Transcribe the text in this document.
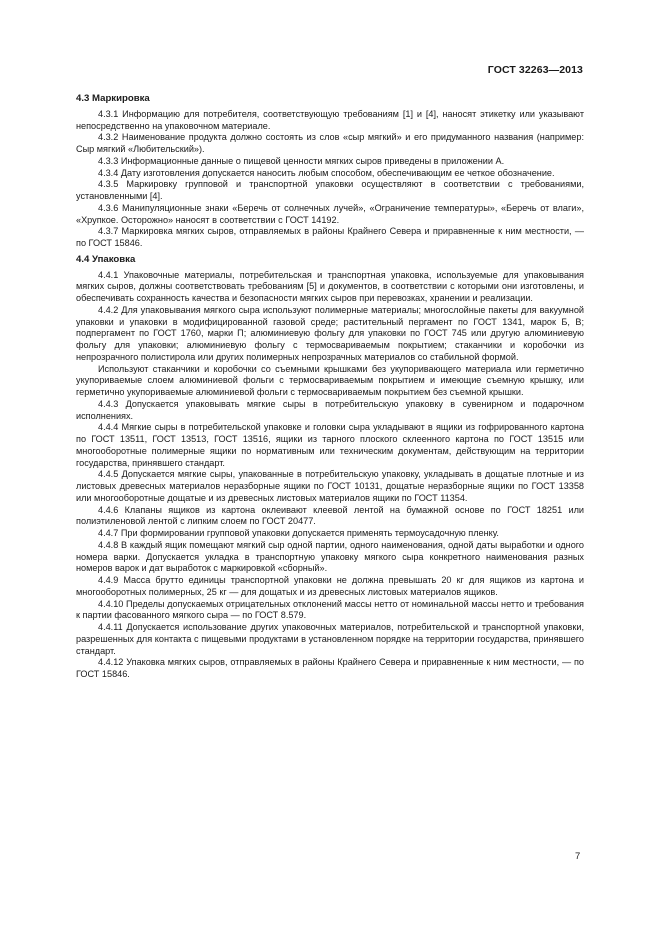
ГОСТ 32263—2013
4.3 Маркировка

4.3.1 Информацию для потребителя, соответствующую требованиям [1] и [4], наносят этикетку или указывают непосредственно на упаковочном материале.

4.3.2 Наименование продукта должно состоять из слов «сыр мягкий» и его придуманного названия (например: Сыр мягкий «Любительский»).

4.3.3 Информационные данные о пищевой ценности мягких сыров приведены в приложении А.

4.3.4 Дату изготовления допускается наносить любым способом, обеспечивающим ее четкое обозначение.

4.3.5 Маркировку групповой и транспортной упаковки осуществляют в соответствии с требованиями, установленными [4].

4.3.6 Манипуляционные знаки «Беречь от солнечных лучей», «Ограничение температуры», «Беречь от влаги», «Хрупкое. Осторожно» наносят в соответствии с ГОСТ 14192.

4.3.7 Маркировка мягких сыров, отправляемых в районы Крайнего Севера и приравненные к ним местности, — по ГОСТ 15846.

4.4 Упаковка

4.4.1 Упаковочные материалы, потребительская и транспортная упаковка, используемые для упаковывания мягких сыров, должны соответствовать требованиям [5] и документов, в соответствии с которыми они изготовлены, и обеспечивать сохранность качества и безопасности мягких сыров при перевозках, хранении и реализации.

4.4.2 Для упаковывания мягкого сыра используют полимерные материалы; многослойные пакеты для вакуумной упаковки и упаковки в модифицированной газовой среде; растительный пергамент по ГОСТ 1341, марок Б, В; подпергамент по ГОСТ 1760, марки П; алюминиевую фольгу для упаковки по ГОСТ 745 или другую алюминиевую фольгу для упаковки; алюминиевую фольгу с термосвариваемым покрытием; стаканчики и коробочки из непрозрачного полистирола или других полимерных непрозрачных материалов со стабильной формой.

Используют стаканчики и коробочки со съемными крышками без укупоривающего материала или герметично укупориваемые слоем алюминиевой фольги с термосвариваемым покрытием и имеющие съемную крышку, или герметично укупориваемые алюминиевой фольги с термосвариваемым покрытием без съемной крышки.

4.4.3 Допускается упаковывать мягкие сыры в потребительскую упаковку в сувенирном и подарочном исполнениях.

4.4.4 Мягкие сыры в потребительской упаковке и головки сыра укладывают в ящики из гофрированного картона по ГОСТ 13511, ГОСТ 13513, ГОСТ 13516, ящики из тарного плоского склеенного картона по ГОСТ 13515 или многооборотные полимерные ящики по нормативным или техническим документам, действующим на территории государства, принявшего стандарт.

4.4.5 Допускается мягкие сыры, упакованные в потребительскую упаковку, укладывать в дощатые плотные и из листовых древесных материалов неразборные ящики по ГОСТ 10131, дощатые неразборные ящики по ГОСТ 13358 или многооборотные дощатые и из древесных листовых материалов ящики по ГОСТ 11354.

4.4.6 Клапаны ящиков из картона оклеивают клеевой лентой на бумажной основе по ГОСТ 18251 или полиэтиленовой лентой с липким слоем по ГОСТ 20477.

4.4.7 При формировании групповой упаковки допускается применять термоусадочную пленку.

4.4.8 В каждый ящик помещают мягкий сыр одной партии, одного наименования, одной даты выработки и одного номера варки. Допускается укладка в транспортную упаковку мягкого сыра конкретного наименования разных номеров варок и дат выработок с маркировкой «сборный».

4.4.9 Масса брутто единицы транспортной упаковки не должна превышать 20 кг для ящиков из картона и многооборотных полимерных, 25 кг — для дощатых и из древесных листовых материалов ящиков.

4.4.10 Пределы допускаемых отрицательных отклонений массы нетто от номинальной массы нетто и требования к партии фасованного мягкого сыра — по ГОСТ 8.579.

4.4.11 Допускается использование других упаковочных материалов, потребительской и транспортной упаковки, разрешенных для контакта с пищевыми продуктами в установленном порядке на территории государства, принявшего стандарт.

4.4.12 Упаковка мягких сыров, отправляемых в районы Крайнего Севера и приравненные к ним местности, — по ГОСТ 15846.

7
